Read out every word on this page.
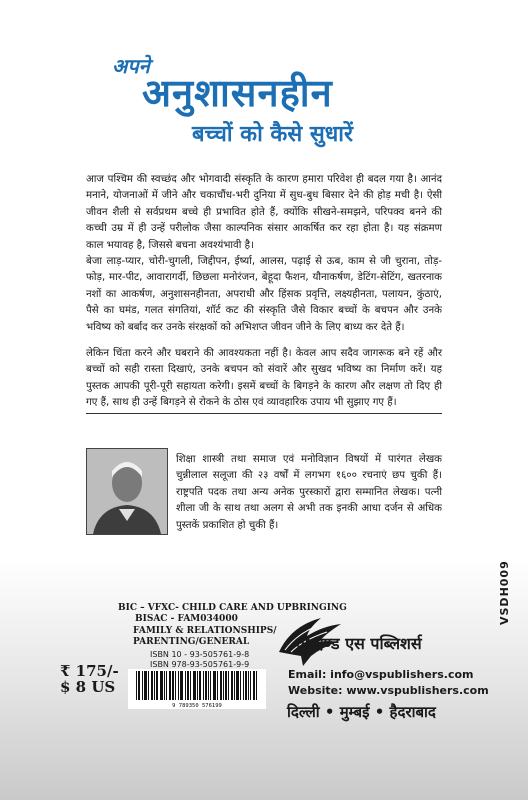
अपने
अनुशासनहीन
बच्चों को कैसे सुधारें

आज पश्चिम की स्वच्छंद और भोगवादी संस्कृति के कारण हमारा परिवेश ही बदल गया है। आनंद मनाने, योजनाओं में जीने और चकाचौंध-भरी दुनिया में सुध-बुध बिसार देने की होड़ मची है। ऐसी जीवन शैली से सर्वप्रथम बच्चे ही प्रभावित होते हैं, क्योंकि सीखने-समझने, परिपक्व बनने की कच्ची उम्र में ही उन्हें परीलोक जैसा काल्पनिक संसार आकर्षित कर रहा होता है। यह संक्रमण काल भयावह है, जिससे बचना अवश्यंभावी है।

बेजा लाड़-प्यार, चोरी-चुगली, जिद्दीपन, ईर्ष्या, आलस, पढ़ाई से ऊब, काम से जी चुराना, तोड़-फोड़, मार-पीट, आवारागर्दी, छिछला मनोरंजन, बेहूदा फैशन, यौनाकर्षण, डेटिंग-सेटिंग, खतरनाक नशों का आकर्षण, अनुशासनहीनता, अपराधी और हिंसक प्रवृत्ति, लक्ष्यहीनता, पलायन, कुंठाएं, पैसे का घमंड, गलत संगतियां, शॉर्ट कट की संस्कृति जैसे विकार बच्चों के बचपन और उनके भविष्य को बर्बाद कर उनके संरक्षकों को अभिशप्त जीवन जीने के लिए बाध्य कर देते हैं।

लेकिन चिंता करने और घबराने की आवश्यकता नहीं है। केवल आप सदैव जागरूक बने रहें और बच्चों को सही रास्ता दिखाएं, उनके बचपन को संवारें और सुखद भविष्य का निर्माण करें। यह पुस्तक आपकी पूरी-पूरी सहायता करेगी। इसमें बच्चों के बिगड़ने के कारण और लक्षण तो दिए ही गए हैं, साथ ही उन्हें बिगड़ने से रोकने के ठोस एवं व्यावहारिक उपाय भी सुझाए गए हैं।

शिक्षा शास्त्री तथा समाज एवं मनोविज्ञान विषयों में पारंगत लेखक चुन्नीलाल सलूजा की २३ वर्षों में लगभग १६०० रचनाएं छप चुकी हैं। राष्ट्रपति पदक तथा अन्य अनेक पुरस्कारों द्वारा सम्मानित लेखक। पत्नी शीला जी के साथ तथा अलग से अभी तक इनकी आधा दर्जन से अधिक पुस्तकें प्रकाशित हो चुकी हैं।

VSDH009

BIC – VFXC- CHILD CARE AND UPBRINGING

BISAC - FAM034000

FAMILY & RELATIONSHIPS/

PARENTING/GENERAL

ISBN 10 - 93-505761-9-8

ISBN 978-93-505761-9-9

9 789350 576199

₹ 175/-

$ 8 US

वी एण्ड एस पब्लिशर्स

Email: info@vspublishers.com

Website: www.vspublishers.com

दिल्ली • मुम्बई • हैदराबाद
